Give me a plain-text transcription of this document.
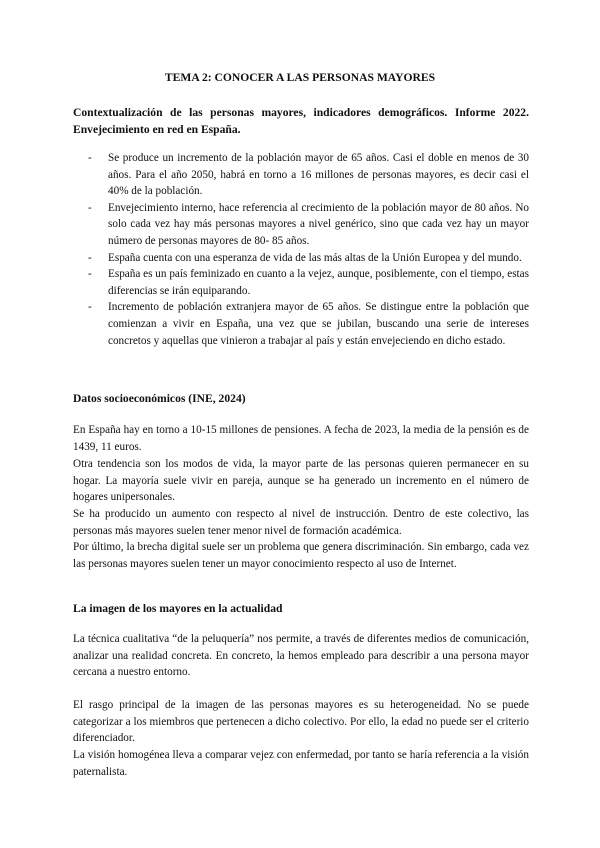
TEMA 2: CONOCER A LAS PERSONAS MAYORES
Contextualización de las personas mayores, indicadores demográficos. Informe 2022. Envejecimiento en red en España.
- Se produce un incremento de la población mayor de 65 años. Casi el doble en menos de 30 años. Para el año 2050, habrá en torno a 16 millones de personas mayores, es decir casi el 40% de la población.
- Envejecimiento interno, hace referencia al crecimiento de la población mayor de 80 años. No solo cada vez hay más personas mayores a nivel genérico, sino que cada vez hay un mayor número de personas mayores de 80- 85 años.
- España cuenta con una esperanza de vida de las más altas de la Unión Europea y del mundo.
- España es un país feminizado en cuanto a la vejez, aunque, posiblemente, con el tiempo, estas diferencias se irán equiparando.
- Incremento de población extranjera mayor de 65 años. Se distingue entre la población que comienzan a vivir en España, una vez que se jubilan, buscando una serie de intereses concretos y aquellas que vinieron a trabajar al país y están envejeciendo en dicho estado.
Datos socioeconómicos (INE, 2024)

En España hay en torno a 10-15 millones de pensiones. A fecha de 2023, la media de la pensión es de 1439, 11 euros.

Otra tendencia son los modos de vida, la mayor parte de las personas quieren permanecer en su hogar. La mayoría suele vivir en pareja, aunque se ha generado un incremento en el número de hogares unipersonales.

Se ha producido un aumento con respecto al nivel de instrucción. Dentro de este colectivo, las personas más mayores suelen tener menor nivel de formación académica.

Por último, la brecha digital suele ser un problema que genera discriminación. Sin embargo, cada vez las personas mayores suelen tener un mayor conocimiento respecto al uso de Internet.

La imagen de los mayores en la actualidad

La técnica cualitativa “de la peluquería” nos permite, a través de diferentes medios de comunicación, analizar una realidad concreta. En concreto, la hemos empleado para describir a una persona mayor cercana a nuestro entorno.

El rasgo principal de la imagen de las personas mayores es su heterogeneidad. No se puede categorizar a los miembros que pertenecen a dicho colectivo. Por ello, la edad no puede ser el criterio diferenciador.

La visión homogénea lleva a comparar vejez con enfermedad, por tanto se haría referencia a la visión paternalista.
